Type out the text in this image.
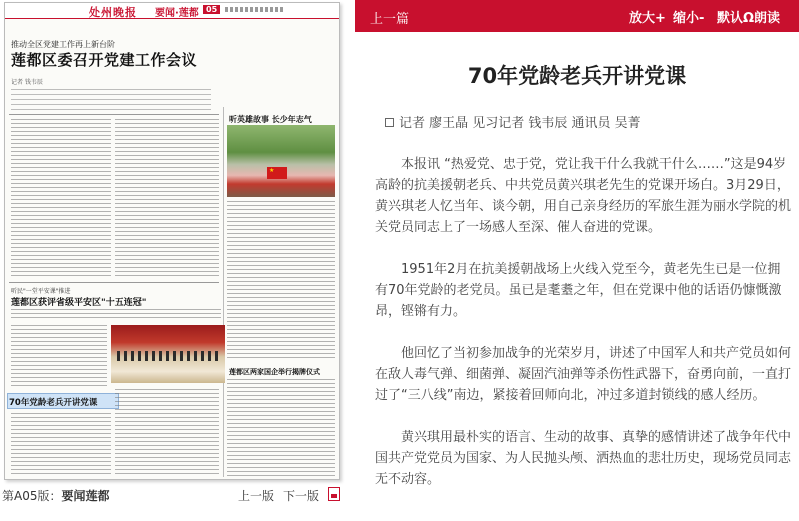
处州晚报 要闻·莲都 05
推动全区党建工作再上新台阶
莲都区委召开党建工作会议
记者 钱韦辰
听英雄故事 长少年志气
★
听民"一堂平安课"推进
莲都区获评省级平安区"十五连冠"
70年党龄老兵开讲党课
莲都区两家国企举行揭牌仪式
第A05版：要闻莲都	上一版 下一版
上一篇	放大+ 缩小- 默认Ω 朗读
70年党龄老兵开讲党课
记者 廖王晶 见习记者 钱韦辰 通讯员 吴菁

本报讯 “热爱党、忠于党，党让我干什么我就干什么……”这是94岁高龄的抗美援朝老兵、中共党员黄兴琪老先生的党课开场白。3月29日，黄兴琪老人忆当年、谈今朝，用自己亲身经历的军旅生涯为丽水学院的机关党员同志上了一场感人至深、催人奋进的党课。

1951年2月在抗美援朝战场上火线入党至今，黄老先生已是一位拥有70年党龄的老党员。虽已是耄耋之年，但在党课中他的话语仍慷慨激昂，铿锵有力。

他回忆了当初参加战争的光荣岁月，讲述了中国军人和共产党员如何在敌人毒气弹、细菌弹、凝固汽油弹等杀伤性武器下，奋勇向前，一直打过了“三八线”南边，紧接着回师向北，冲过多道封锁线的感人经历。

黄兴琪用最朴实的语言、生动的故事、真挚的感情讲述了战争年代中国共产党党员为国家、为人民抛头颅、洒热血的悲壮历史，现场党员同志无不动容。
